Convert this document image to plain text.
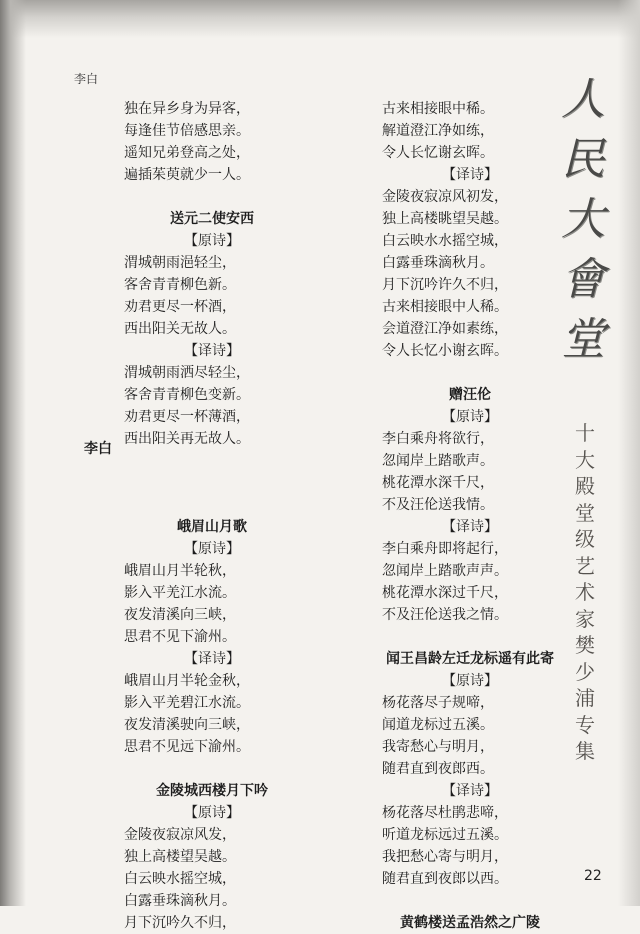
李白
独在异乡身为异客，
每逢佳节倍感思亲。
遥知兄弟登高之处，
遍插茱萸就少一人。
送元二使安西
【原诗】
渭城朝雨浥轻尘，
客舍青青柳色新。
劝君更尽一杯酒，
西出阳关无故人。
【译诗】
渭城朝雨洒尽轻尘，
客舍青青柳色变新。
劝君更尽一杯薄酒，
西出阳关再无故人。
峨眉山月歌
【原诗】
峨眉山月半轮秋，
影入平羌江水流。
夜发清溪向三峡，
思君不见下渝州。
【译诗】
峨眉山月半轮金秋，
影入平羌碧江水流。
夜发清溪驶向三峡，
思君不见远下渝州。
金陵城西楼月下吟
【原诗】
金陵夜寂凉风发，
独上高楼望吴越。
白云映水摇空城，
白露垂珠滴秋月。
月下沉吟久不归，
李白
古来相接眼中稀。
解道澄江净如练，
令人长忆谢玄晖。
【译诗】
金陵夜寂凉风初发，
独上高楼眺望吴越。
白云映水水摇空城，
白露垂珠滴秋月。
月下沉吟许久不归，
古来相接眼中人稀。
会道澄江净如素练，
令人长忆小谢玄晖。
赠汪伦
【原诗】
李白乘舟将欲行，
忽闻岸上踏歌声。
桃花潭水深千尺，
不及汪伦送我情。
【译诗】
李白乘舟即将起行，
忽闻岸上踏歌声声。
桃花潭水深过千尺，
不及汪伦送我之情。
闻王昌龄左迁龙标遥有此寄
【原诗】
杨花落尽子规啼，
闻道龙标过五溪。
我寄愁心与明月，
随君直到夜郎西。
【译诗】
杨花落尽杜鹃悲啼，
听道龙标远过五溪。
我把愁心寄与明月，
随君直到夜郎以西。
黄鹤楼送孟浩然之广陵
人
民
大
會
堂
十
大
殿
堂
级
艺
术
家
樊
少
浦
专
集
22
